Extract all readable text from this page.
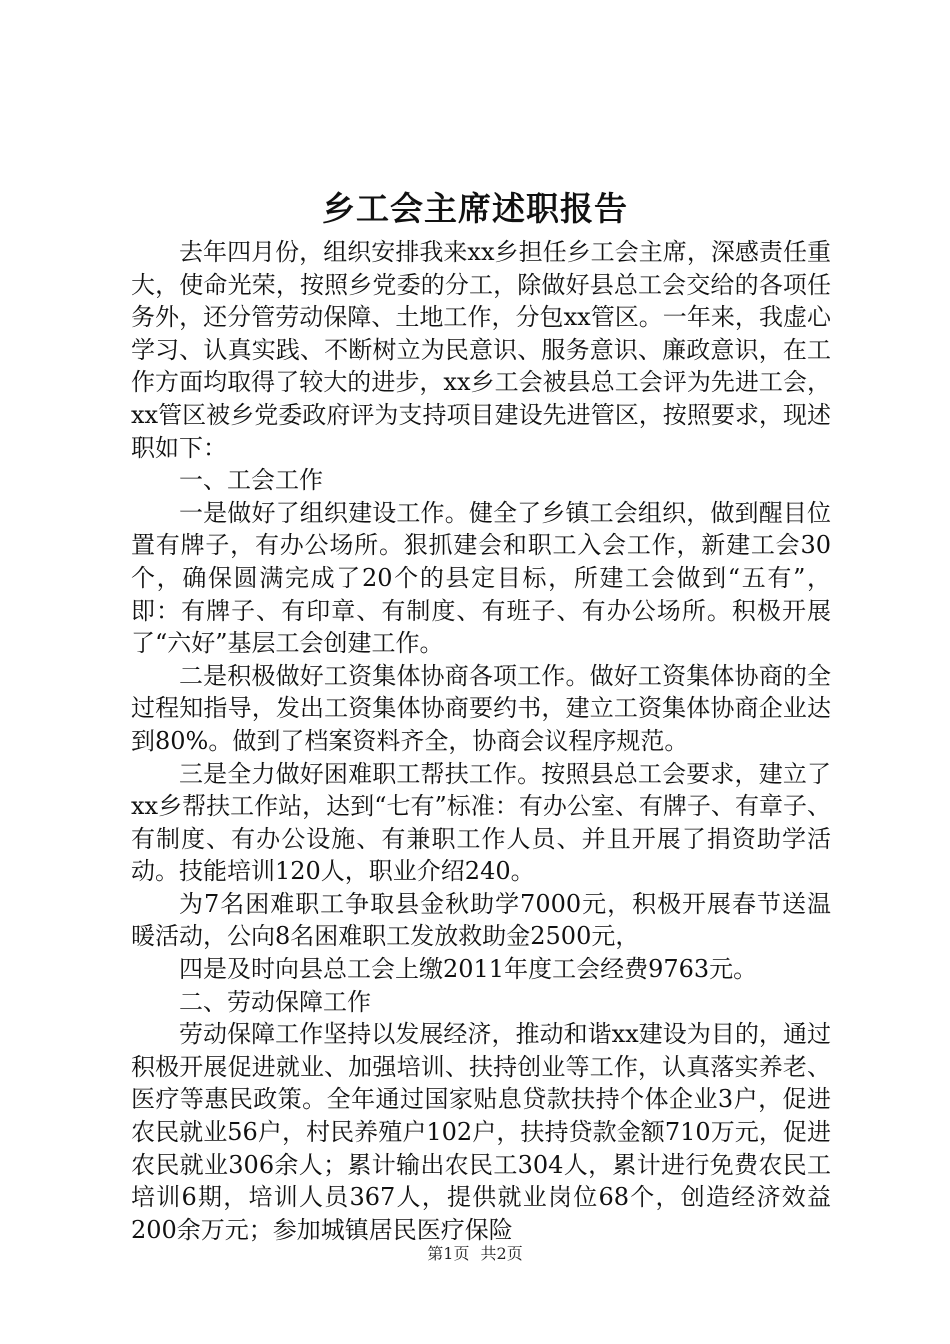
乡工会主席述职报告

去年四月份，组织安排我来xx乡担任乡工会主席，深感责任重大，使命光荣，按照乡党委的分工，除做好县总工会交给的各项任务外，还分管劳动保障、土地工作，分包xx管区。一年来，我虚心学习、认真实践、不断树立为民意识、服务意识、廉政意识，在工作方面均取得了较大的进步，xx乡工会被县总工会评为先进工会，xx管区被乡党委政府评为支持项目建设先进管区，按照要求，现述职如下：

一、工会工作

一是做好了组织建设工作。健全了乡镇工会组织，做到醒目位置有牌子，有办公场所。狠抓建会和职工入会工作，新建工会30个，确保圆满完成了20个的县定目标，所建工会做到“五有”，即：有牌子、有印章、有制度、有班子、有办公场所。积极开展了“六好”基层工会创建工作。

二是积极做好工资集体协商各项工作。做好工资集体协商的全过程知指导，发出工资集体协商要约书，建立工资集体协商企业达到80%。做到了档案资料齐全，协商会议程序规范。

三是全力做好困难职工帮扶工作。按照县总工会要求，建立了xx乡帮扶工作站，达到“七有”标准：有办公室、有牌子、有章子、有制度、有办公设施、有兼职工作人员、并且开展了捐资助学活动。技能培训120人，职业介绍240。

为7名困难职工争取县金秋助学7000元，积极开展春节送温暖活动，公向8名困难职工发放救助金2500元，

四是及时向县总工会上缴2011年度工会经费9763元。

二、劳动保障工作

劳动保障工作坚持以发展经济，推动和谐xx建设为目的，通过积极开展促进就业、加强培训、扶持创业等工作，认真落实养老、医疗等惠民政策。全年通过国家贴息贷款扶持个体企业3户，促进农民就业56户，村民养殖户102户，扶持贷款金额710万元，促进农民就业306余人；累计输出农民工304人，累计进行免费农民工培训6期，培训人员367人，提供就业岗位68个，创造经济效益200余万元；参加城镇居民医疗保险

第1页 共2页
